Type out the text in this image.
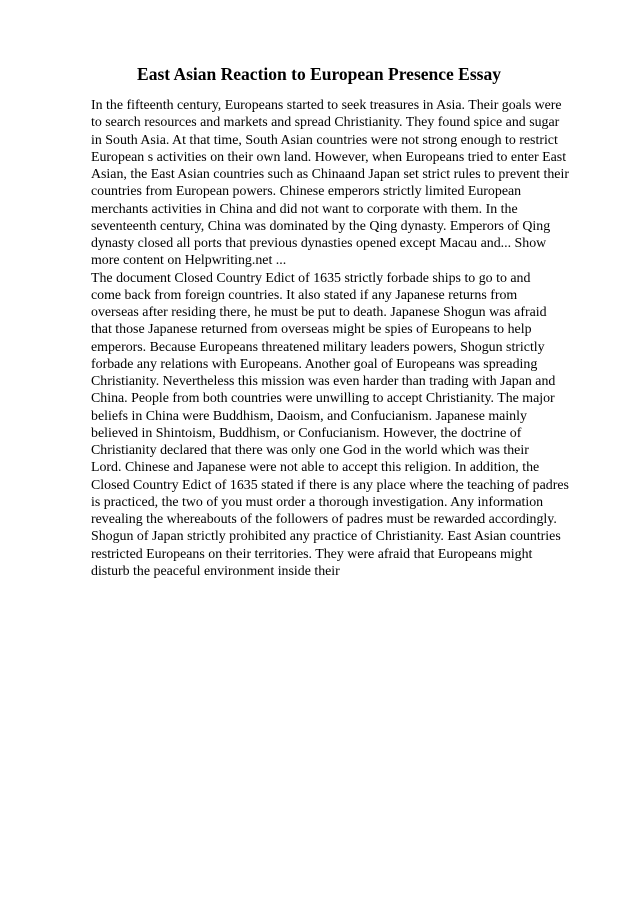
East Asian Reaction to European Presence Essay
In the fifteenth century, Europeans started to seek treasures in Asia. Their goals were
to search resources and markets and spread Christianity. They found spice and sugar
in South Asia. At that time, South Asian countries were not strong enough to restrict
European s activities on their own land. However, when Europeans tried to enter East
Asian, the East Asian countries such as Chinaand Japan set strict rules to prevent their
countries from European powers. Chinese emperors strictly limited European
merchants activities in China and did not want to corporate with them. In the
seventeenth century, China was dominated by the Qing dynasty. Emperors of Qing
dynasty closed all ports that previous dynasties opened except Macau and... Show
more content on Helpwriting.net ...
The document Closed Country Edict of 1635 strictly forbade ships to go to and
come back from foreign countries. It also stated if any Japanese returns from
overseas after residing there, he must be put to death. Japanese Shogun was afraid
that those Japanese returned from overseas might be spies of Europeans to help
emperors. Because Europeans threatened military leaders powers, Shogun strictly
forbade any relations with Europeans. Another goal of Europeans was spreading
Christianity. Nevertheless this mission was even harder than trading with Japan and
China. People from both countries were unwilling to accept Christianity. The major
beliefs in China were Buddhism, Daoism, and Confucianism. Japanese mainly
believed in Shintoism, Buddhism, or Confucianism. However, the doctrine of
Christianity declared that there was only one God in the world which was their
Lord. Chinese and Japanese were not able to accept this religion. In addition, the
Closed Country Edict of 1635 stated if there is any place where the teaching of padres
is practiced, the two of you must order a thorough investigation. Any information
revealing the whereabouts of the followers of padres must be rewarded accordingly.
Shogun of Japan strictly prohibited any practice of Christianity. East Asian countries
restricted Europeans on their territories. They were afraid that Europeans might
disturb the peaceful environment inside their
